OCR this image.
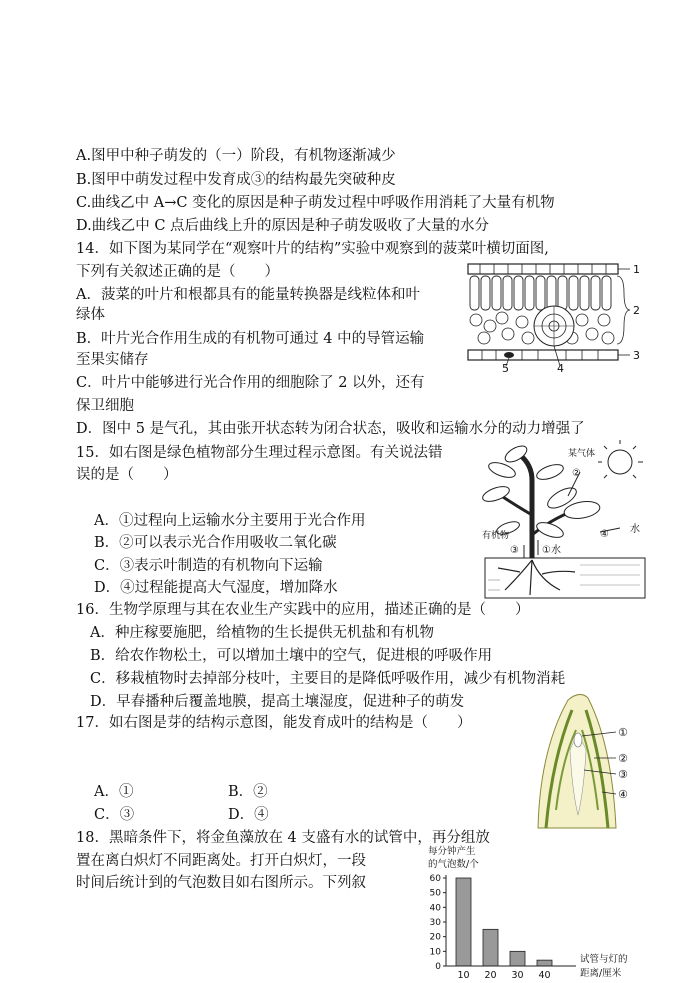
A.图甲中种子萌发的（一）阶段，有机物逐渐减少
B.图甲中萌发过程中发育成③的结构最先突破种皮
C.曲线乙中 A→C 变化的原因是种子萌发过程中呼吸作用消耗了大量有机物
D.曲线乙中 C 点后曲线上升的原因是种子萌发吸收了大量的水分
14．如下图为某同学在“观察叶片的结构”实验中观察到的菠菜叶横切面图,
下列有关叙述正确的是（　　）
A．菠菜的叶片和根都具有的能量转换器是线粒体和叶
绿体
B．叶片光合作用生成的有机物可通过 4 中的导管运输
至果实储存
C．叶片中能够进行光合作用的细胞除了 2 以外，还有
保卫细胞
D．图中 5 是气孔，其由张开状态转为闭合状态，吸收和运输水分的动力增强了
1
2
3
4
5
15．如右图是绿色植物部分生理过程示意图。有关说法错
误的是（　　）
A．①过程向上运输水分主要用于光合作用
B．②可以表示光合作用吸收二氧化碳
C．③表示叶制造的有机物向下运输
D．④过程能提高大气湿度，增加降水
某气体
②
有机物
③ ①水
④ 水
16．生物学原理与其在农业生产实践中的应用，描述正确的是（　　）
A．种庄稼要施肥，给植物的生长提供无机盐和有机物
B．给农作物松土，可以增加土壤中的空气，促进根的呼吸作用
C．移栽植物时去掉部分枝叶，主要目的是降低呼吸作用，减少有机物消耗
D．早春播种后覆盖地膜，提高土壤湿度，促进种子的萌发
17．如右图是芽的结构示意图，能发育成叶的结构是（　　）
A．①	B．②
C．③	D．④
①
②
③
④
18．黑暗条件下，将金鱼藻放在 4 支盛有水的试管中，再分组放
置在离白炽灯不同距离处。打开白炽灯，一段
时间后统计到的气泡数目如右图所示。下列叙
每分钟产生
的气泡数/个
0
10
20
30
40
50
60
10 20 30 40
试管与灯的
距离/厘米
